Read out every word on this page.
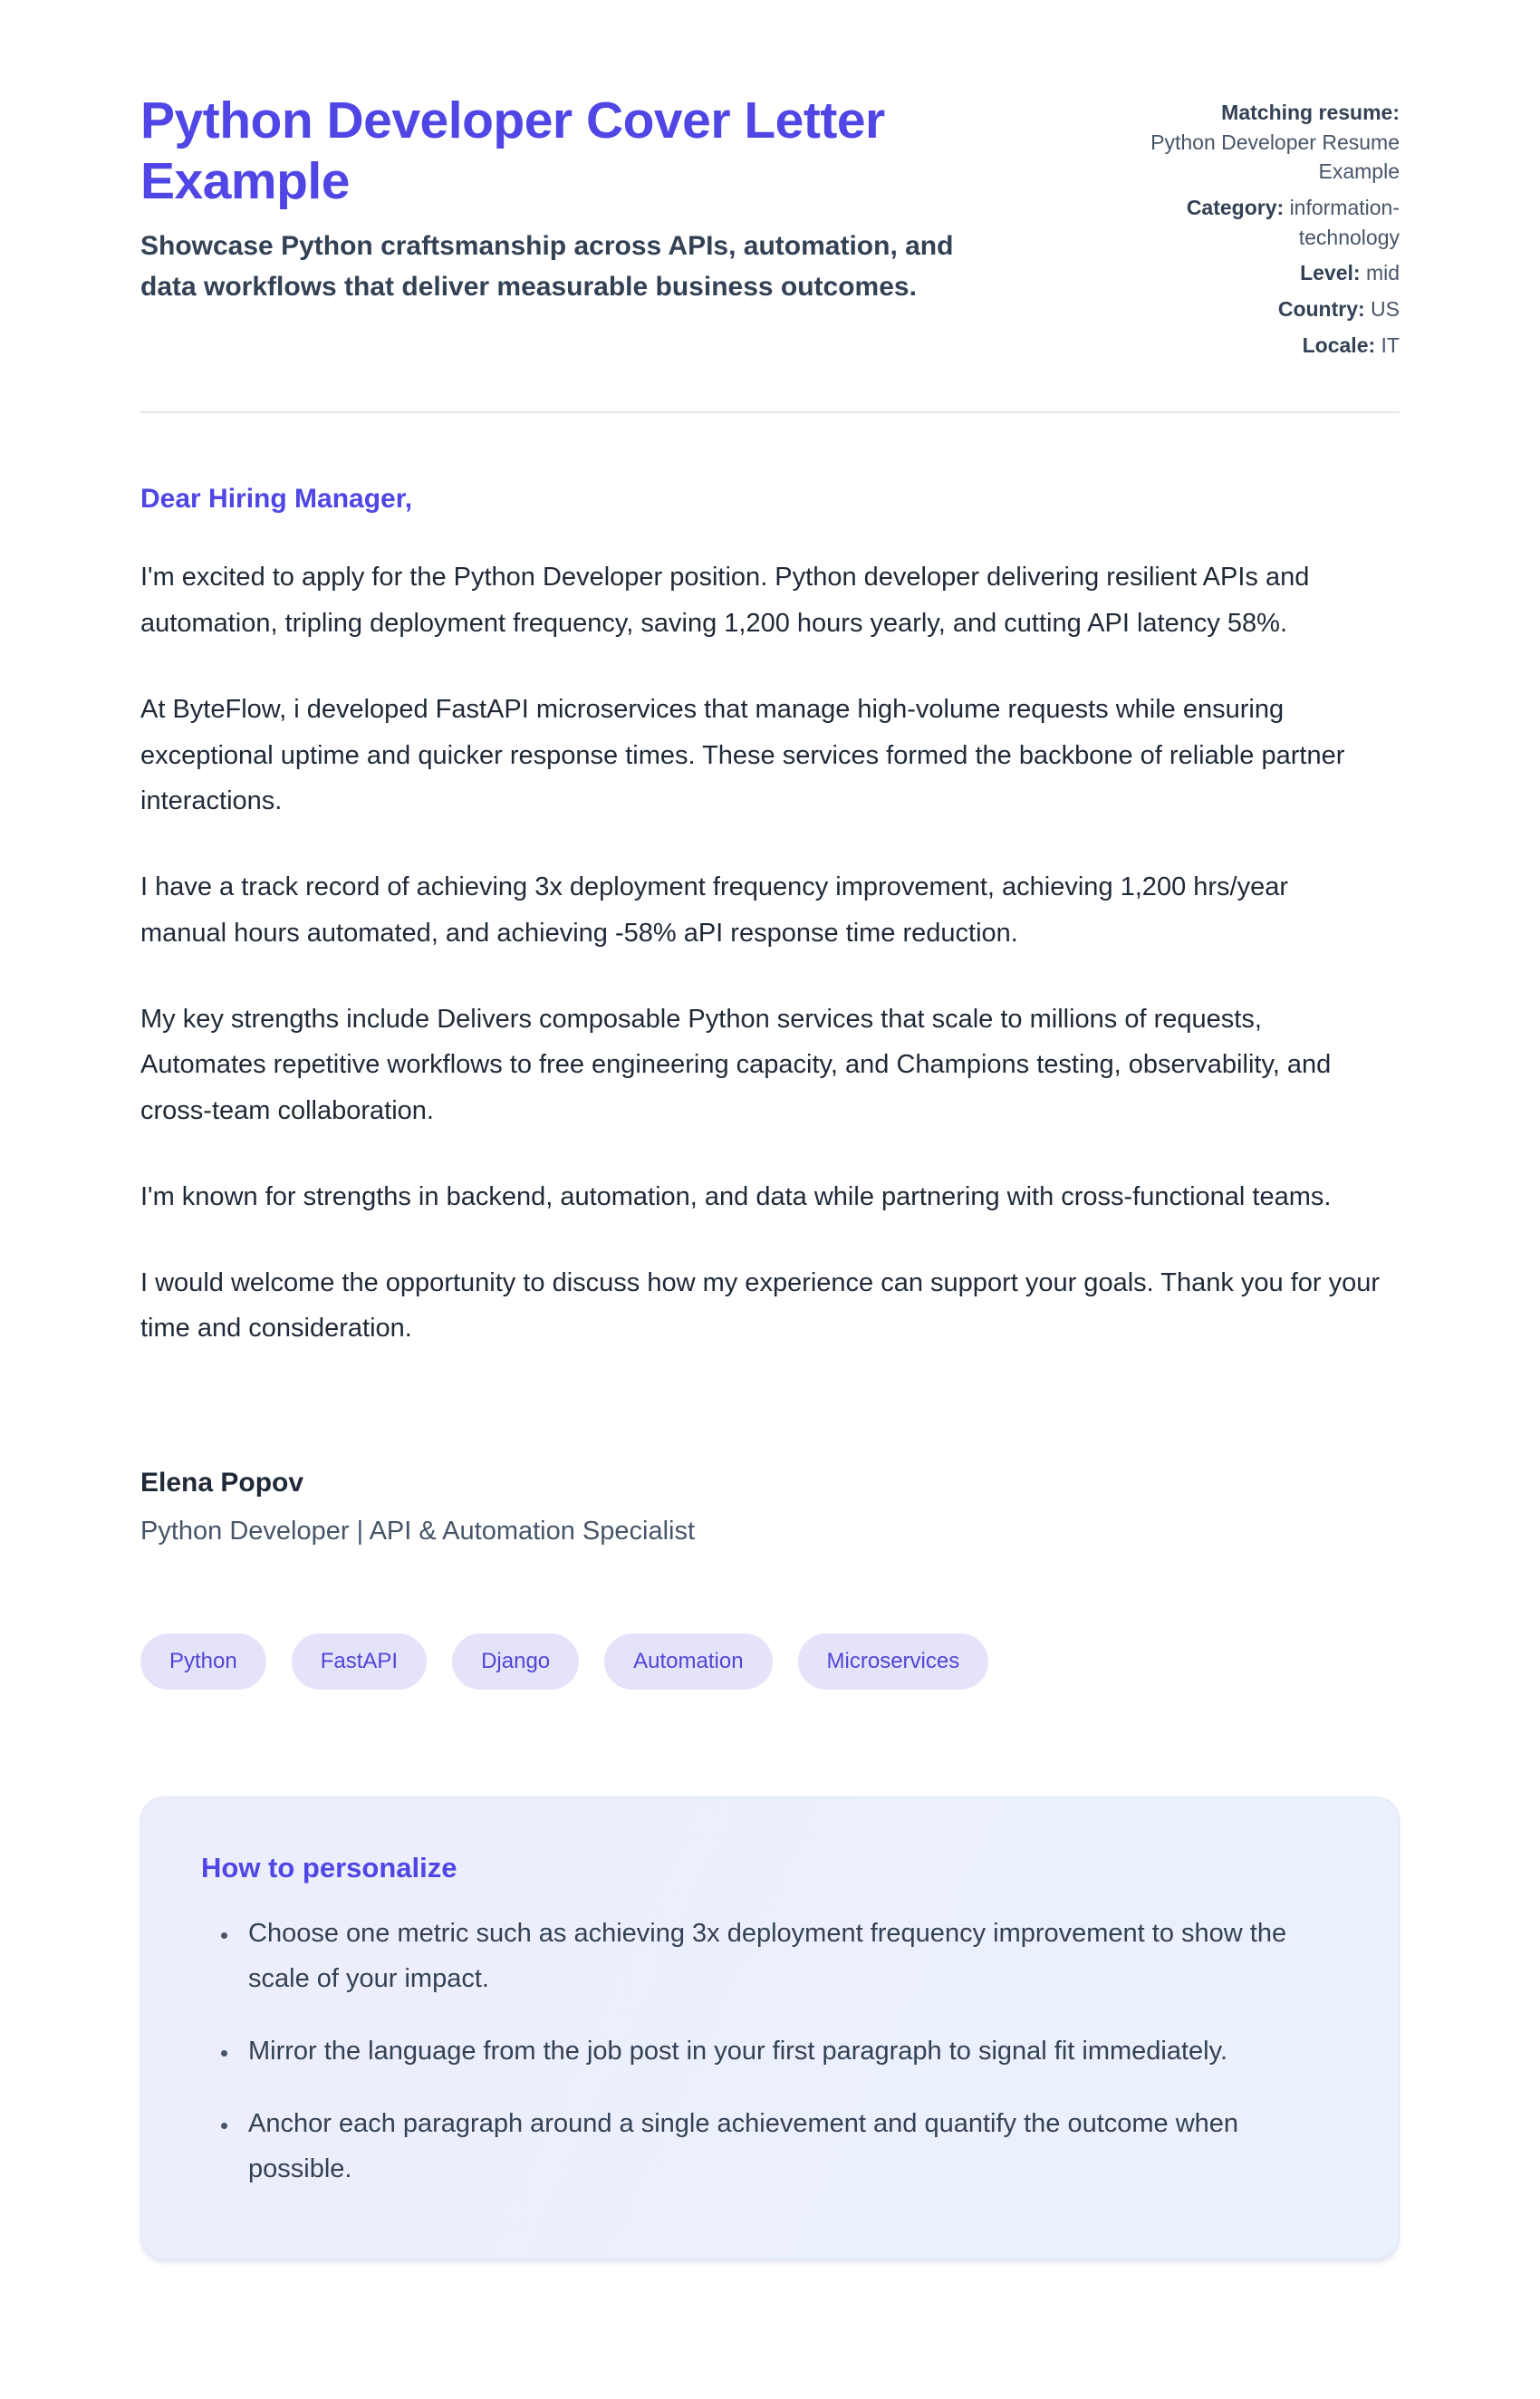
Python Developer Cover Letter Example
Showcase Python craftsmanship across APIs, automation, and data workflows that deliver measurable business outcomes.
Matching resume:
Python Developer Resume Example
Category: information-technology
Level: mid
Country: US
Locale: IT
Dear Hiring Manager,

I'm excited to apply for the Python Developer position. Python developer delivering resilient APIs and automation, tripling deployment frequency, saving 1,200 hours yearly, and cutting API latency 58%.

At ByteFlow, i developed FastAPI microservices that manage high-volume requests while ensuring exceptional uptime and quicker response times. These services formed the backbone of reliable partner interactions.

I have a track record of achieving 3x deployment frequency improvement, achieving 1,200 hrs/year manual hours automated, and achieving -58% aPI response time reduction.

My key strengths include Delivers composable Python services that scale to millions of requests, Automates repetitive workflows to free engineering capacity, and Champions testing, observability, and cross-team collaboration.

I'm known for strengths in backend, automation, and data while partnering with cross-functional teams.

I would welcome the opportunity to discuss how my experience can support your goals. Thank you for your time and consideration.

Elena Popov
Python Developer | API & Automation Specialist
Python	FastAPI	Django	Automation	Microservices
How to personalize
• Choose one metric such as achieving 3x deployment frequency improvement to show the scale of your impact.
• Mirror the language from the job post in your first paragraph to signal fit immediately.
• Anchor each paragraph around a single achievement and quantify the outcome when possible.
